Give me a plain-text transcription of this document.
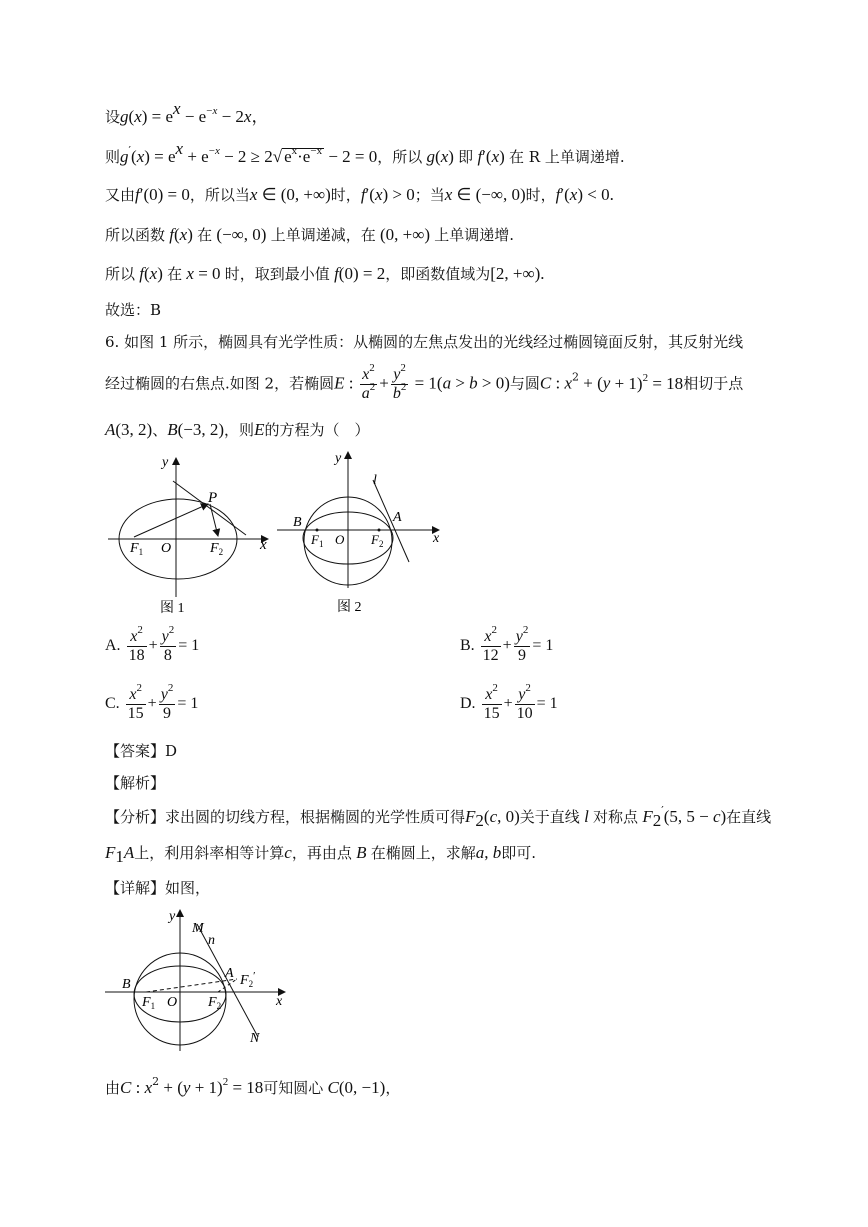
设$g(x) = e^x - e^{-x} - 2x$，
则$g'(x) = e^x + e^{-x} - 2 \ge 2√$ $e^x\cdot e^{-x} - 2 = 0$，所以 g(x) 即 f′(x) 在 R 上单调递增.
又由f′(0) = 0，所以当x ∈ (0, +∞)时，f′(x) > 0；当x ∈ (−∞, 0)时，f′(x) < 0.
所以函数 f(x) 在 (−∞, 0) 上单调递减，在 (0, +∞) 上单调递增.
所以 f(x) 在 x = 0 时，取到最小值 f(0) = 2，即函数值域为[2, +∞).
故选：B
6. 如图 1 所示，椭圆具有光学性质：从椭圆的左焦点发出的光线经过椭圆镜面反射，其反射光线
经过椭圆的右焦点.如图 2，若椭圆E : $\frac{x^2}{a^2} + \frac{y^2}{b^2} = 1(a > b > 0)$与圆C : $x^2 + (y + 1)^2 = 18$相切于点
A(3, 2)、B(−3, 2)，则E的方程为（　）
y
P
x
$F_1$ O	$F_2$
图 1
y
l
B	A
x
$F_1$ O $F_2$
图 2
A. $\frac{x^2}{18} + \frac{y^2}{8} = 1$	B. $\frac{x^2}{12} + \frac{y^2}{9} = 1$
C. $\frac{x^2}{15} + \frac{y^2}{9} = 1$	D. $\frac{x^2}{15} + \frac{y^2}{10} = 1$
【答案】D
【解析】
【分析】求出圆的切线方程，根据椭圆的光学性质可得$F_2(c$, 0)关于直线 l 对称点 $F_2'(5$, 5 − c)在直线
$F_1A$上，利用斜率相等计算c，再由点 B 在椭圆上，求解a, b即可.
【详解】如图，
y
M
n
B
A $F_2'$
x
$F_1$ O $F_2$
N
由C : $x^2 + (y + 1)^2 = 18$可知圆心 C(0, −1)，
